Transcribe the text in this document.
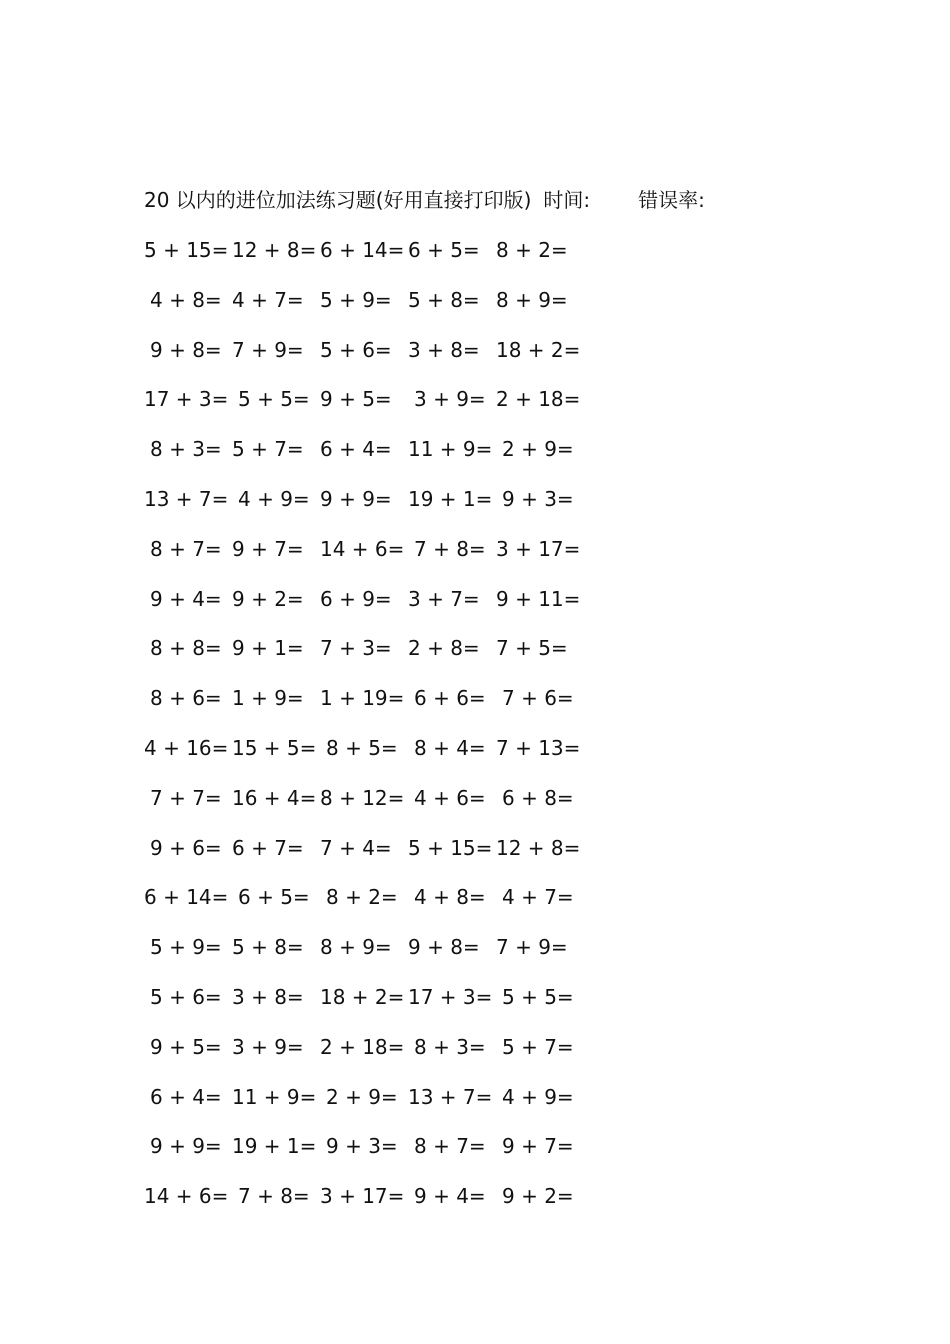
20 以内的进位加法练习题(好用直接打印版) 时间: 错误率:
5 + 15= 12 + 8= 6 + 14= 6 + 5= 8 + 2=
4 + 8= 4 + 7= 5 + 9= 5 + 8= 8 + 9=
9 + 8= 7 + 9= 5 + 6= 3 + 8= 18 + 2=
17 + 3= 5 + 5= 9 + 5= 3 + 9= 2 + 18=
8 + 3= 5 + 7= 6 + 4= 11 + 9= 2 + 9=
13 + 7= 4 + 9= 9 + 9= 19 + 1= 9 + 3=
8 + 7= 9 + 7= 14 + 6= 7 + 8= 3 + 17=
9 + 4= 9 + 2= 6 + 9= 3 + 7= 9 + 11=
8 + 8= 9 + 1= 7 + 3= 2 + 8= 7 + 5=
8 + 6= 1 + 9= 1 + 19= 6 + 6= 7 + 6=
4 + 16= 15 + 5= 8 + 5= 8 + 4= 7 + 13=
7 + 7= 16 + 4= 8 + 12= 4 + 6= 6 + 8=
9 + 6= 6 + 7= 7 + 4= 5 + 15= 12 + 8=
6 + 14= 6 + 5= 8 + 2= 4 + 8= 4 + 7=
5 + 9= 5 + 8= 8 + 9= 9 + 8= 7 + 9=
5 + 6= 3 + 8= 18 + 2= 17 + 3= 5 + 5=
9 + 5= 3 + 9= 2 + 18= 8 + 3= 5 + 7=
6 + 4= 11 + 9= 2 + 9= 13 + 7= 4 + 9=
9 + 9= 19 + 1= 9 + 3= 8 + 7= 9 + 7=
14 + 6= 7 + 8= 3 + 17= 9 + 4= 9 + 2=
